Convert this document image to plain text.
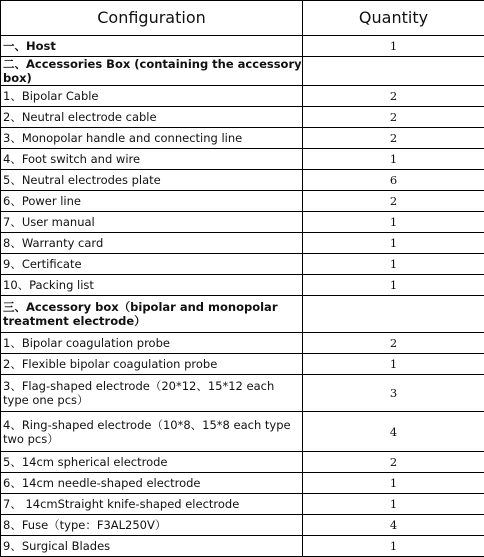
Configuration	Quantity
一、Host	1
二、Accessories Box (containing the accessory box)	
1、Bipolar Cable	2
2、Neutral electrode cable	2
3、Monopolar handle and connecting line	2
4、Foot switch and wire	1
5、Neutral electrodes plate	6
6、Power line	2
7、User manual	1
8、Warranty card	1
9、Certificate	1
10、Packing list	1
三、Accessory box（bipolar and monopolar treatment electrode）	
1、Bipolar coagulation probe	2
2、Flexible bipolar coagulation probe	1
3、Flag-shaped electrode（20*12、15*12 each type one pcs）	3
4、Ring-shaped electrode（10*8、15*8 each type two pcs）	4
5、14cm spherical electrode	2
6、14cm needle-shaped electrode	1
7、 14cmStraight knife-shaped electrode	1
8、Fuse（type：F3AL250V）	4
9、Surgical Blades	1
